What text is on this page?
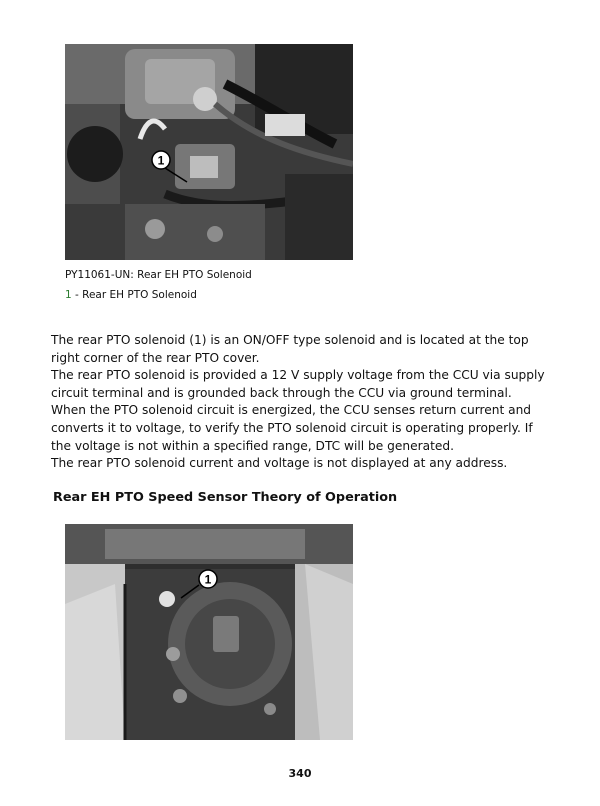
1
PY11061-UN: Rear EH PTO Solenoid
1 - Rear EH PTO Solenoid

The rear PTO solenoid (1) is an ON/OFF type solenoid and is located at the top right corner of the rear PTO cover.

The rear PTO solenoid is provided a 12 V supply voltage from the CCU via supply circuit terminal and is grounded back through the CCU via ground terminal.

When the PTO solenoid circuit is energized, the CCU senses return current and converts it to voltage, to verify the PTO solenoid circuit is operating properly. If the voltage is not within a specified range, DTC will be generated.

The rear PTO solenoid current and voltage is not displayed at any address.

Rear EH PTO Speed Sensor Theory of Operation
1
340
